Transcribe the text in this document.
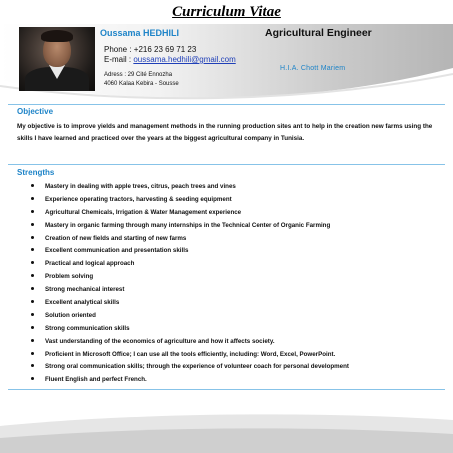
Curriculum Vitae
Oussama HEDHILI	Agricultural Engineer
Phone : +216 23 69 71 23
E-mail : oussama.hedhili@gmail.com
H.I.A. Chott Mariem
Adress : 29 Cité Ennozha
4060 Kalaa Kebira - Sousse
Objective
My objective is to improve yields and management methods in the running production sites ant to help in the creation new farms using the skills I have learned and practiced over the years at the biggest agricultural company in Tunisia.
Strengths
Mastery in dealing with apple trees, citrus, peach trees and vines
Experience operating tractors, harvesting & seeding equipment
Agricultural Chemicals, Irrigation & Water Management experience
Mastery in organic farming through many internships in the Technical Center of Organic Farming
Creation of new fields and starting of new farms
Excellent communication and presentation skills
Practical and logical approach
Problem solving
Strong mechanical interest
Excellent analytical skills
Solution oriented
Strong communication skills
Vast understanding of the economics of agriculture and how it affects society.
Proficient in Microsoft Office; I can use all the tools efficiently, including: Word, Excel, PowerPoint.
Strong oral communication skills; through the experience of volunteer coach for personal development
Fluent English and perfect French.
